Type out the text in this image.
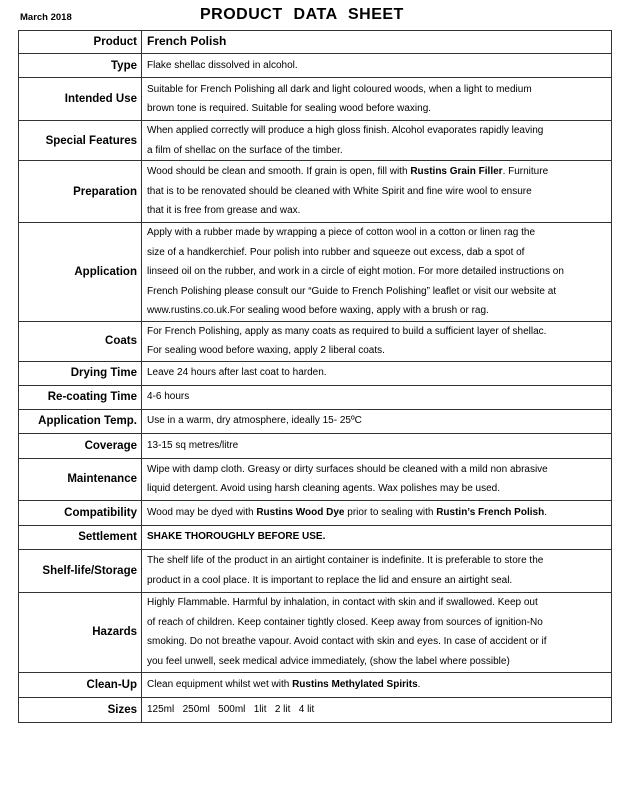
March 2018	PRODUCT DATA SHEET
Product	French Polish
Type	Flake shellac dissolved in alcohol.

Intended Use	Suitable for French Polishing all dark and light coloured woods, when a light to medium
brown tone is required. Suitable for sealing wood before waxing.

Special Features	When applied correctly will produce a high gloss finish. Alcohol evaporates rapidly leaving
a film of shellac on the surface of the timber.

Preparation	Wood should be clean and smooth. If grain is open, fill with Rustins Grain Filler. Furniture
that is to be renovated should be cleaned with White Spirit and fine wire wool to ensure
that it is free from grease and wax.

Application	Apply with a rubber made by wrapping a piece of cotton wool in a cotton or linen rag the
size of a handkerchief. Pour polish into rubber and squeeze out excess, dab a spot of
linseed oil on the rubber, and work in a circle of eight motion. For more detailed instructions on
French Polishing please consult our “Guide to French Polishing” leaflet or visit our website at
www.rustins.co.uk.For sealing wood before waxing, apply with a brush or rag.

Coats	For French Polishing, apply as many coats as required to build a sufficient layer of shellac.
For sealing wood before waxing, apply 2 liberal coats.

Drying Time	Leave 24 hours after last coat to harden.

Re-coating Time	4-6 hours

Application Temp.	Use in a warm, dry atmosphere, ideally 15- 25ºC

Coverage	13-15 sq metres/litre

Maintenance	Wipe with damp cloth. Greasy or dirty surfaces should be cleaned with a mild non abrasive
liquid detergent. Avoid using harsh cleaning agents. Wax polishes may be used.

Compatibility	Wood may be dyed with Rustins Wood Dye prior to sealing with Rustin’s French Polish.

Settlement	SHAKE THOROUGHLY BEFORE USE.

Shelf-life/Storage	The shelf life of the product in an airtight container is indefinite. It is preferable to store the
product in a cool place. It is important to replace the lid and ensure an airtight seal.

Hazards	Highly Flammable. Harmful by inhalation, in contact with skin and if swallowed. Keep out
of reach of children. Keep container tightly closed. Keep away from sources of ignition-No
smoking. Do not breathe vapour. Avoid contact with skin and eyes. In case of accident or if
you feel unwell, seek medical advice immediately, (show the label where possible)

Clean-Up	Clean equipment whilst wet with Rustins Methylated Spirits.

Sizes	125ml   250ml   500ml   1lit   2 lit   4 lit
